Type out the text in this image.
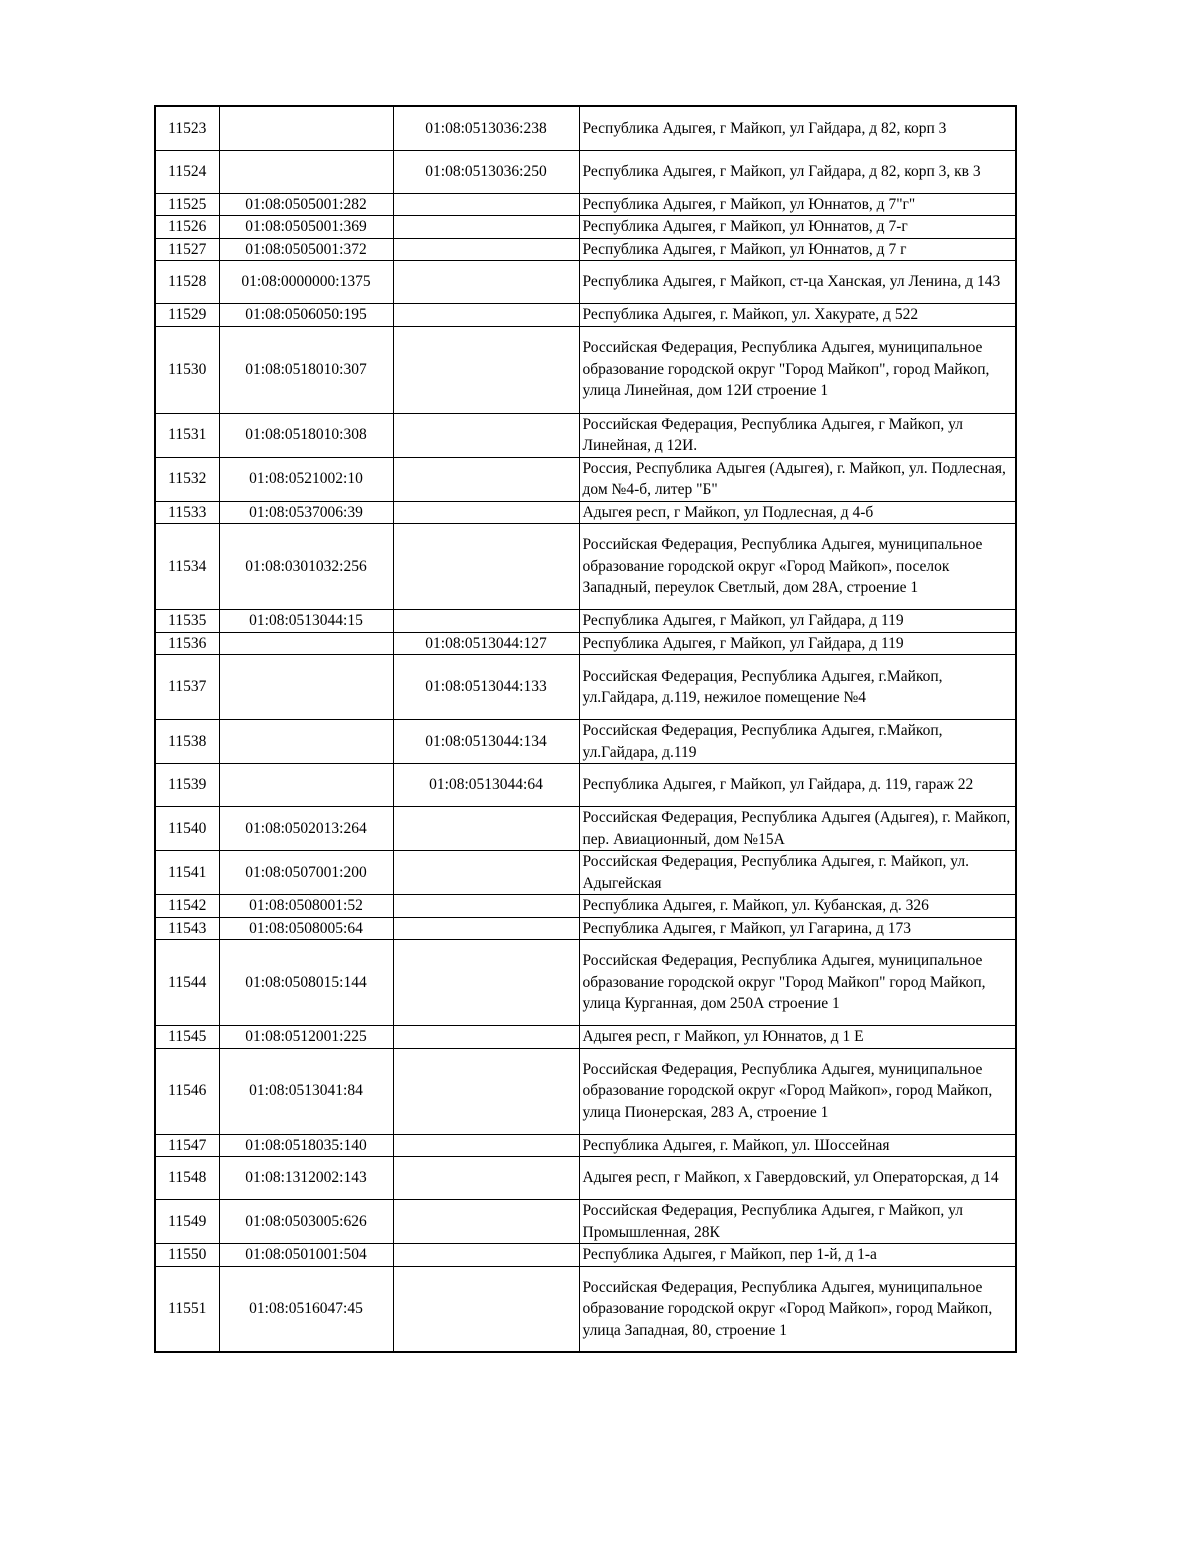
11523		01:08:0513036:238	Республика Адыгея, г Майкоп, ул Гайдара, д 82, корп 3
11524		01:08:0513036:250	Республика Адыгея, г Майкоп, ул Гайдара, д 82, корп 3, кв 3
11525	01:08:0505001:282		Республика Адыгея, г Майкоп, ул Юннатов, д 7"г"
11526	01:08:0505001:369		Республика Адыгея, г Майкоп, ул Юннатов, д 7-г
11527	01:08:0505001:372		Республика Адыгея, г Майкоп, ул Юннатов, д 7 г
11528	01:08:0000000:1375		Республика Адыгея, г Майкоп, ст-ца Ханская, ул Ленина, д 143
11529	01:08:0506050:195		Республика Адыгея, г. Майкоп, ул. Хакурате, д 522
11530	01:08:0518010:307		Российская Федерация, Республика Адыгея, муниципальное образование городской округ "Город Майкоп", город Майкоп, улица Линейная, дом 12И строение 1
11531	01:08:0518010:308		Российская Федерация, Республика Адыгея, г Майкоп, ул Линейная, д 12И.
11532	01:08:0521002:10		Россия, Республика Адыгея (Адыгея), г. Майкоп, ул. Подлесная, дом №4-б, литер "Б"
11533	01:08:0537006:39		Адыгея респ, г Майкоп, ул Подлесная, д 4-б
11534	01:08:0301032:256		Российская Федерация, Республика Адыгея, муниципальное образование городской округ «Город Майкоп», поселок Западный, переулок Светлый, дом 28А, строение 1
11535	01:08:0513044:15		Республика Адыгея, г Майкоп, ул Гайдара, д 119
11536		01:08:0513044:127	Республика Адыгея, г Майкоп, ул Гайдара, д 119
11537		01:08:0513044:133	Российская Федерация, Республика Адыгея, г.Майкоп, ул.Гайдара, д.119, нежилое помещение №4
11538		01:08:0513044:134	Российская Федерация, Республика Адыгея, г.Майкоп, ул.Гайдара, д.119
11539		01:08:0513044:64	Республика Адыгея, г Майкоп, ул Гайдара, д. 119, гараж 22
11540	01:08:0502013:264		Российская Федерация, Республика Адыгея (Адыгея), г. Майкоп, пер. Авиационный, дом №15А
11541	01:08:0507001:200		Российская Федерация, Республика Адыгея, г. Майкоп, ул. Адыгейская
11542	01:08:0508001:52		Республика Адыгея, г. Майкоп, ул. Кубанская, д. 326
11543	01:08:0508005:64		Республика Адыгея, г Майкоп, ул Гагарина, д 173
11544	01:08:0508015:144		Российская Федерация, Республика Адыгея, муниципальное образование городской округ "Город Майкоп" город Майкоп, улица Курганная, дом 250А строение 1
11545	01:08:0512001:225		Адыгея респ, г Майкоп, ул Юннатов, д 1 Е
11546	01:08:0513041:84		Российская Федерация, Республика Адыгея, муниципальное образование городской округ «Город Майкоп», город Майкоп, улица Пионерская, 283 А, строение 1
11547	01:08:0518035:140		Республика Адыгея, г. Майкоп, ул. Шоссейная
11548	01:08:1312002:143		Адыгея респ, г Майкоп, х Гавердовский, ул Операторская, д 14
11549	01:08:0503005:626		Российская Федерация, Республика Адыгея, г Майкоп, ул Промышленная, 28К
11550	01:08:0501001:504		Республика Адыгея, г Майкоп, пер 1-й, д 1-а
11551	01:08:0516047:45		Российская Федерация, Республика Адыгея, муниципальное образование городской округ «Город Майкоп», город Майкоп, улица Западная, 80, строение 1
